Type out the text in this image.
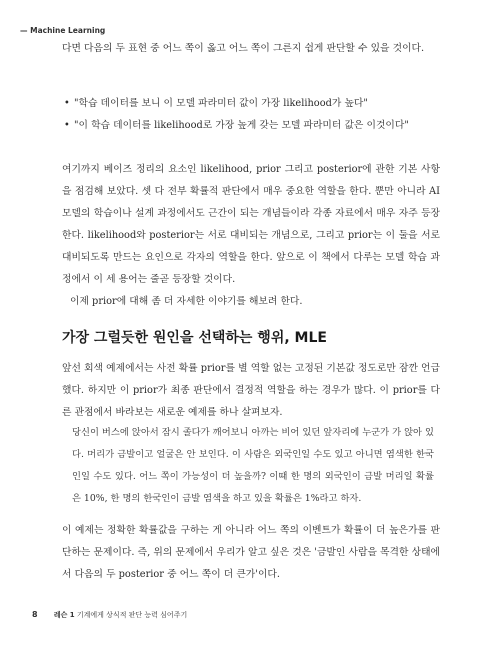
— Machine Learning

다면 다음의 두 표현 중 어느 쪽이 옳고 어느 쪽이 그른지 쉽게 판단할 수 있을 것이다.

• "학습 데이터를 보니 이 모델 파라미터 값이 가장 likelihood가 높다"
• "이 학습 데이터를 likelihood로 가장 높게 갖는 모델 파라미터 값은 이것이다"

여기까지 베이즈 정리의 요소인 likelihood, prior 그리고 posterior에 관한 기본 사항을 점검해 보았다. 셋 다 전부 확률적 판단에서 매우 중요한 역할을 한다. 뿐만 아니라 AI 모델의 학습이나 설계 과정에서도 근간이 되는 개념들이라 각종 자료에서 매우 자주 등장한다. likelihood와 posterior는 서로 대비되는 개념으로, 그리고 prior는 이 둘을 서로 대비되도록 만드는 요인으로 각자의 역할을 한다. 앞으로 이 책에서 다루는 모델 학습 과정에서 이 세 용어는 줄곧 등장할 것이다.

이제 prior에 대해 좀 더 자세한 이야기를 해보려 한다.

가장 그럴듯한 원인을 선택하는 행위, MLE

앞선 회색 예제에서는 사전 확률 prior를 별 역할 없는 고정된 기본값 정도로만 잠깐 언급했다. 하지만 이 prior가 최종 판단에서 결정적 역할을 하는 경우가 많다. 이 prior를 다른 관점에서 바라보는 새로운 예제를 하나 살펴보자.

당신이 버스에 앉아서 잠시 졸다가 깨어보니 아까는 비어 있던 앞자리에 누군가 가 앉아 있다. 머리가 금발이고 얼굴은 안 보인다. 이 사람은 외국인일 수도 있고 아니면 염색한 한국인일 수도 있다. 어느 쪽이 가능성이 더 높을까? 이때 한 명의 외국인이 금발 머리일 확률은 10%, 한 명의 한국인이 금발 염색을 하고 있을 확률은 1%라고 하자.

이 예제는 정확한 확률값을 구하는 게 아니라 어느 쪽의 이벤트가 확률이 더 높은가를 판단하는 문제이다. 즉, 위의 문제에서 우리가 알고 싶은 것은 '금발인 사람을 목격한 상태에서 다음의 두 posterior 중 어느 쪽이 더 큰가'이다.

8 레슨 1 기계에게 상식적 판단 능력 심어주기
